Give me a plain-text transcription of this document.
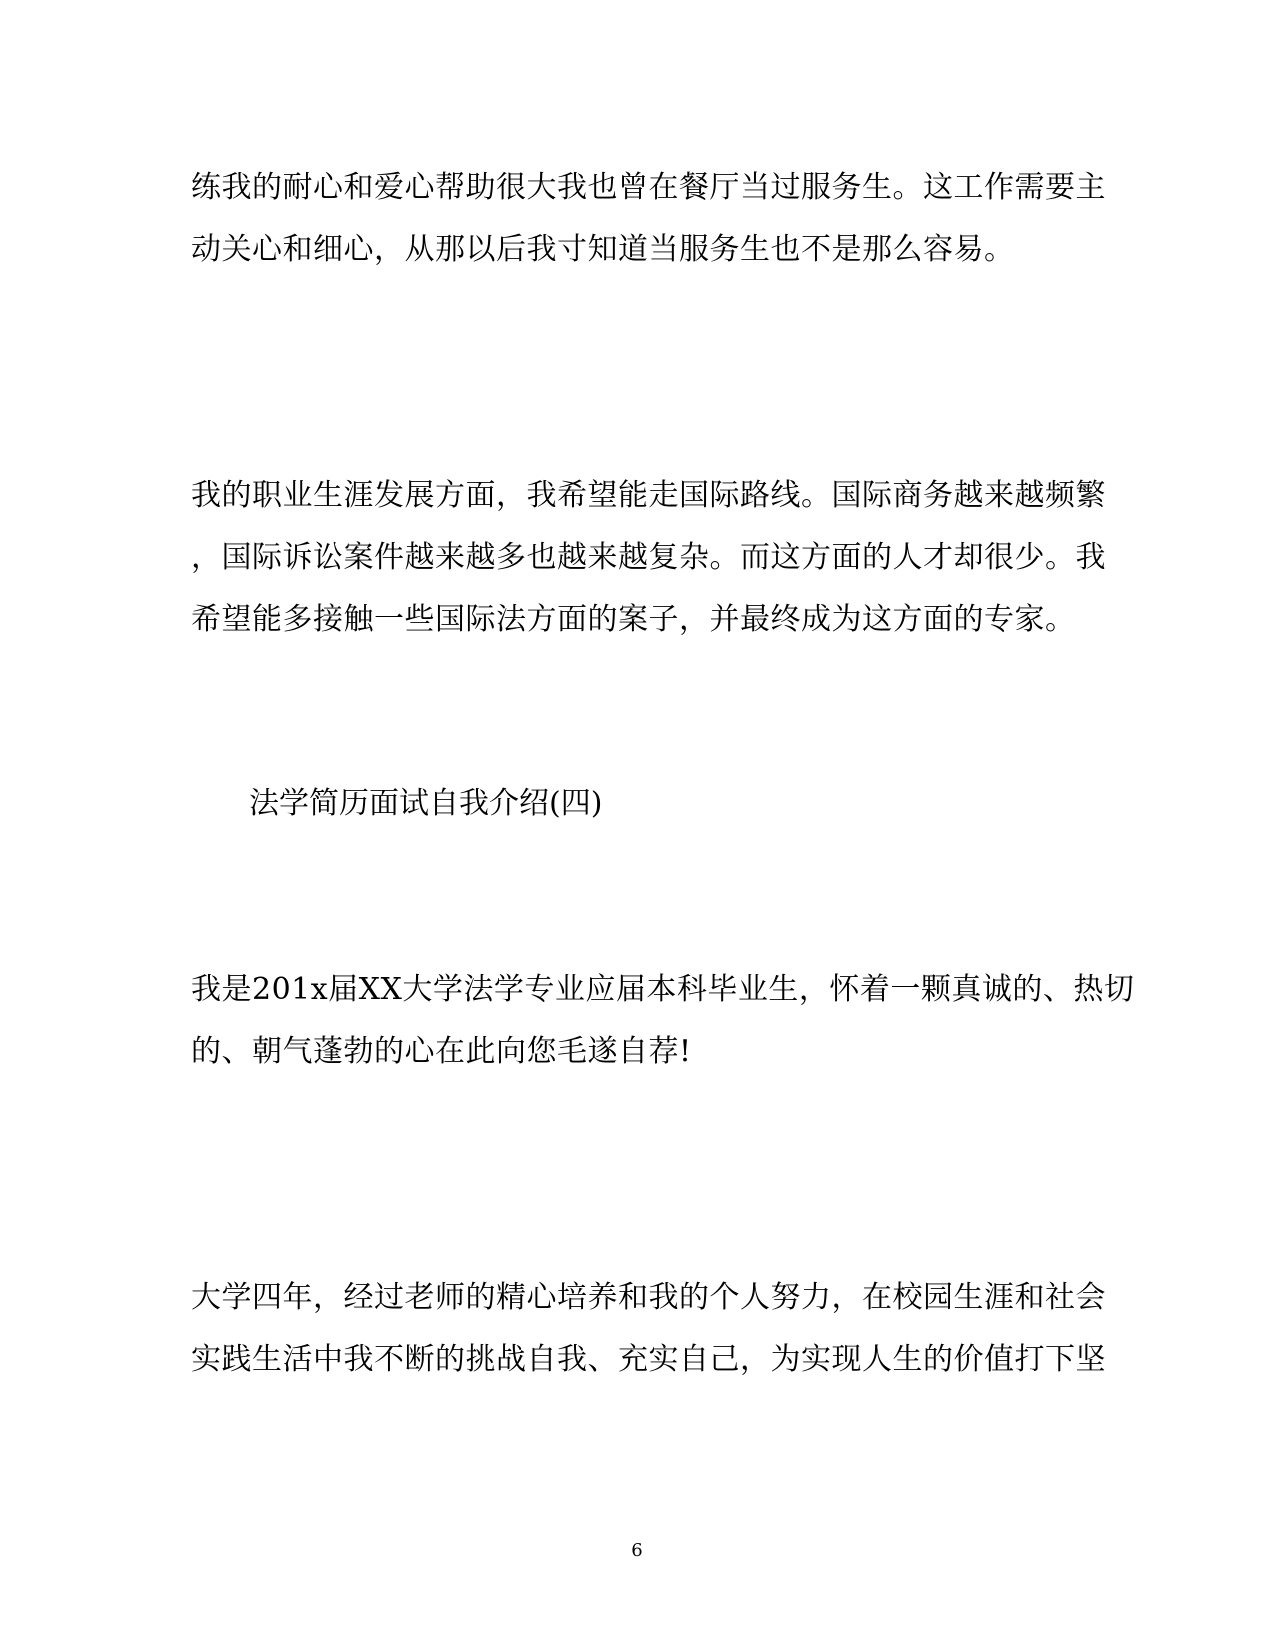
练我的耐心和爱心帮助很大我也曾在餐厅当过服务生。这工作需要主
动关心和细心，从那以后我寸知道当服务生也不是那么容易。
我的职业生涯发展方面，我希望能走国际路线。国际商务越来越频繁
，国际诉讼案件越来越多也越来越复杂。而这方面的人才却很少。我
希望能多接触一些国际法方面的案子，并最终成为这方面的专家。
法学简历面试自我介绍(四)
我是201x届XX大学法学专业应届本科毕业生，怀着一颗真诚的、热切
的、朝气蓬勃的心在此向您毛遂自荐!
大学四年，经过老师的精心培养和我的个人努力，在校园生涯和社会
实践生活中我不断的挑战自我、充实自己，为实现人生的价值打下坚
6
